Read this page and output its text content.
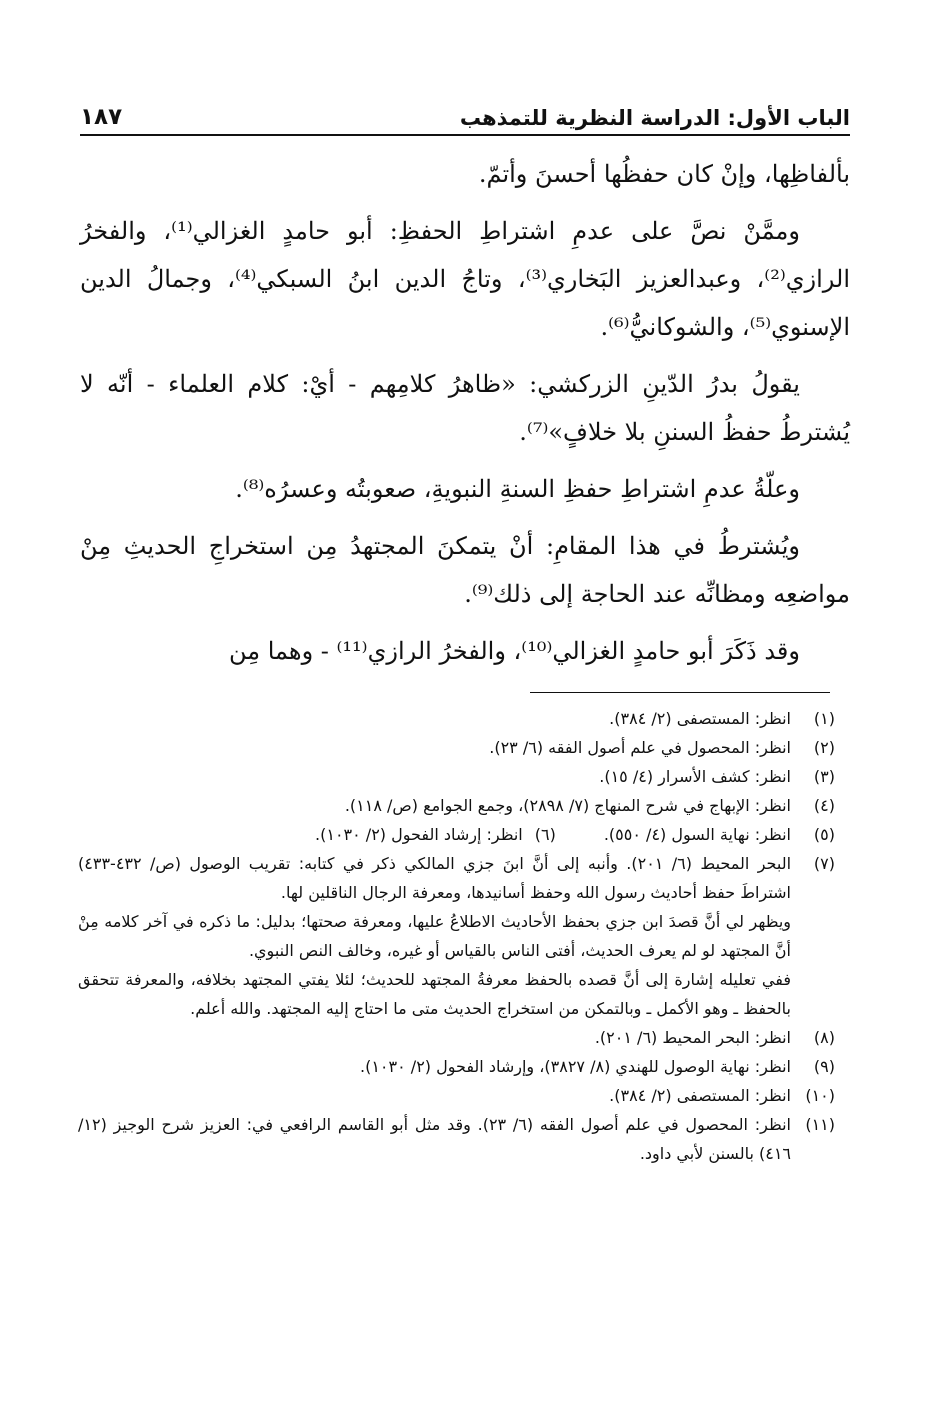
الباب الأول: الدراسة النظرية للتمذهب
١٨٧

بألفاظِها، وإنْ كان حفظُها أحسنَ وأتمّ.

وممَّنْ نصَّ على عدمِ اشتراطِ الحفظِ: أبو حامدٍ الغزالي⁽¹⁾، والفخرُ الرازي⁽²⁾، وعبدالعزيز البَخاري⁽³⁾، وتاجُ الدين ابنُ السبكي⁽⁴⁾، وجمالُ الدين الإسنوي⁽⁵⁾، والشوكانيُّ⁽⁶⁾.

يقولُ بدرُ الدّينِ الزركشي: «ظاهرُ كلامِهم - أيْ: كلام العلماء - أنّه لا يُشترطُ حفظُ السننِ بلا خلافٍ»⁽⁷⁾.

وعلّةُ عدمِ اشتراطِ حفظِ السنةِ النبويةِ، صعوبتُه وعسرُه⁽⁸⁾.

ويُشترطُ في هذا المقامِ: أنْ يتمكنَ المجتهدُ مِن استخراجِ الحديثِ مِنْ مواضعِه ومظانِّه عند الحاجة إلى ذلك⁽⁹⁾.

وقد ذَكَرَ أبو حامدٍ الغزالي⁽¹⁰⁾، والفخرُ الرازي⁽¹¹⁾ - وهما مِن

(١)
انظر: المستصفى (٢/ ٣٨٤).
(٢)
انظر: المحصول في علم أصول الفقه (٦/ ٢٣).
(٣)
انظر: كشف الأسرار (٤/ ١٥).
(٤)
انظر: الإبهاج في شرح المنهاج (٧/ ٢٨٩٨)، وجمع الجوامع (ص/ ١١٨).
(٥)
انظر: نهاية السول (٤/ ٥٥٠).
(٦)
انظر: إرشاد الفحول (٢/ ١٠٣٠).
(٧)
البحر المحيط (٦/ ٢٠١). وأنبه إلى أنَّ ابنَ جزي المالكي ذكر في كتابه: تقريب الوصول (ص/ ٤٣٢-٤٣٣) اشتراطَ حفظ أحاديث رسول الله وحفظ أسانيدها، ومعرفة الرجال الناقلين لها.
ويظهر لي أنَّ قصدَ ابن جزي بحفظ الأحاديث الاطلاعُ عليها، ومعرفة صحتها؛ بدليل: ما ذكره في آخر كلامه مِنْ أنَّ المجتهد لو لم يعرف الحديث، أفتى الناس بالقياس أو غيره، وخالف النص النبوي.
ففي تعليله إشارة إلى أنَّ قصده بالحفظ معرفةُ المجتهد للحديث؛ لئلا يفتي المجتهد بخلافه، والمعرفة تتحقق بالحفظ ـ وهو الأكمل ـ وبالتمكن من استخراج الحديث متى ما احتاج إليه المجتهد. والله أعلم.
(٨)
انظر: البحر المحيط (٦/ ٢٠١).
(٩)
انظر: نهاية الوصول للهندي (٨/ ٣٨٢٧)، وإرشاد الفحول (٢/ ١٠٣٠).
(١٠)
انظر: المستصفى (٢/ ٣٨٤).
(١١)
انظر: المحصول في علم أصول الفقه (٦/ ٢٣). وقد مثل أبو القاسم الرافعي في: العزيز شرح الوجيز (١٢/ ٤١٦) بالسنن لأبي داود.
